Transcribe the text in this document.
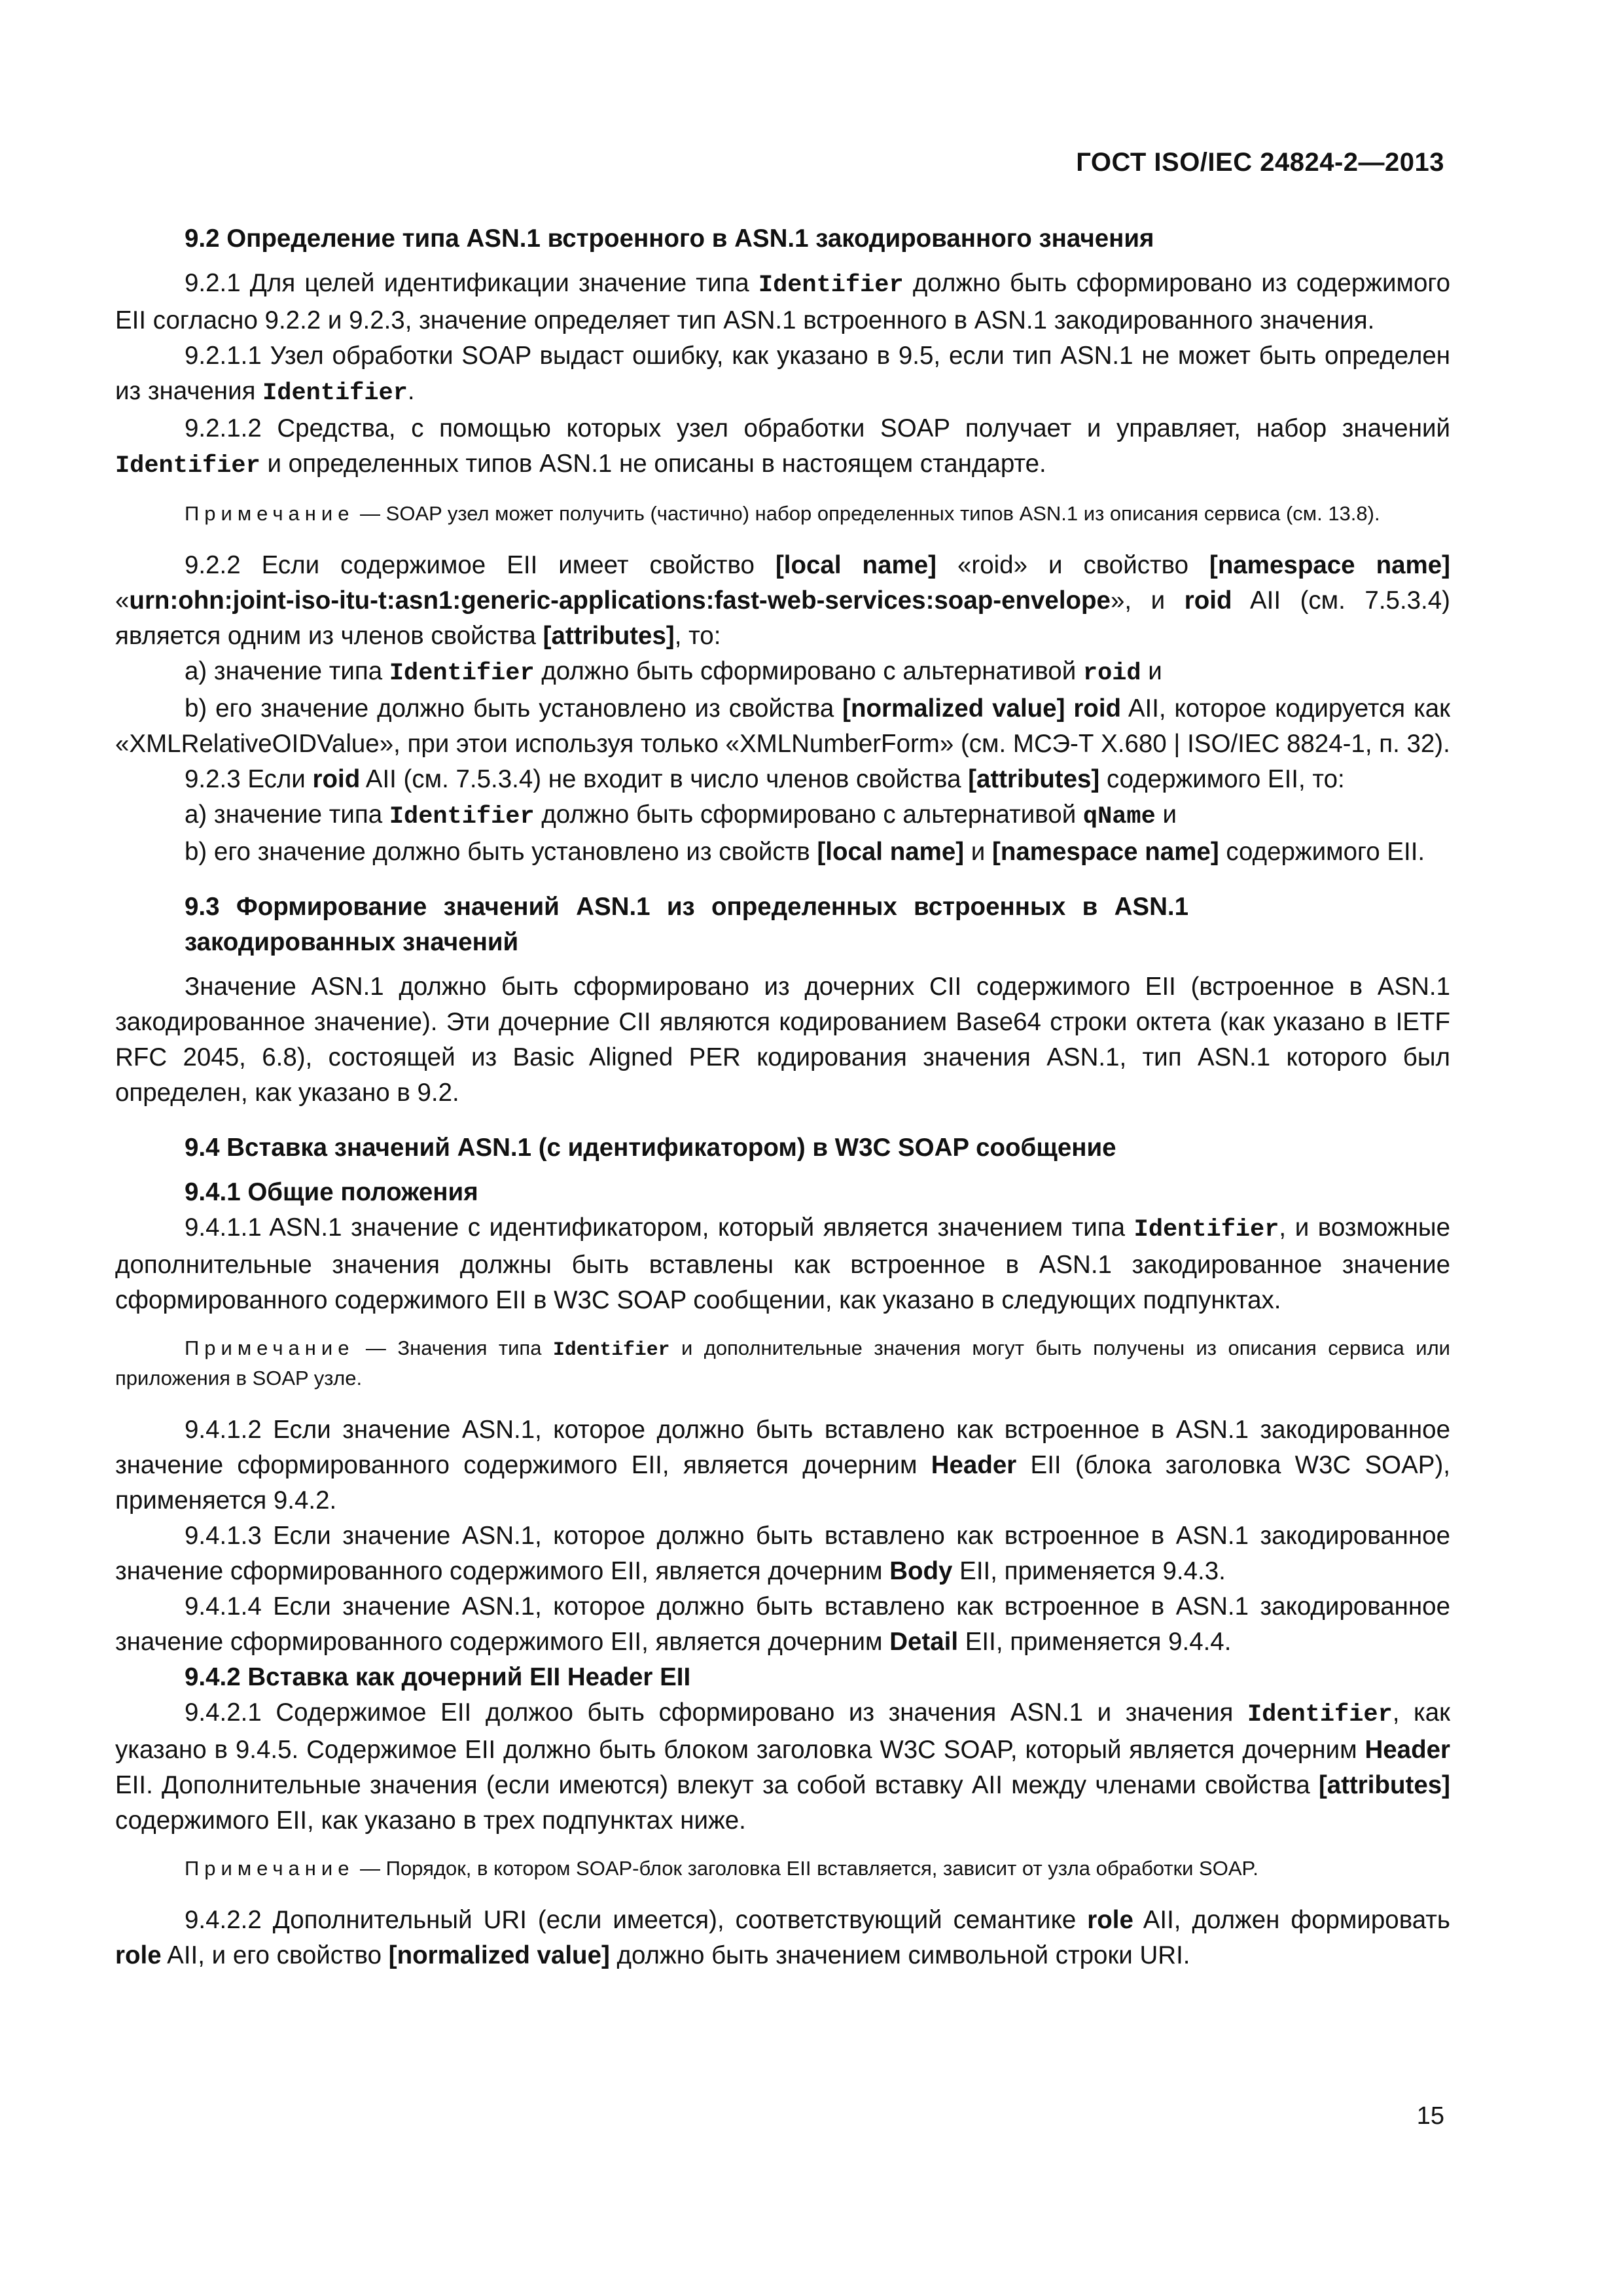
ГОСТ ISO/IEC 24824-2—2013

9.2 Определение типа ASN.1 встроенного в ASN.1 закодированного значения

9.2.1 Для целей идентификации значение типа Identifier должно быть сформировано из содержимого EII согласно 9.2.2 и 9.2.3, значение определяет тип ASN.1 встроенного в ASN.1 закодированного значения.

9.2.1.1 Узел обработки SOAP выдаст ошибку, как указано в 9.5, если тип ASN.1 не может быть определен из значения Identifier.

9.2.1.2 Средства, с помощью которых узел обработки SOAP получает и управляет, набор значений Identifier и определенных типов ASN.1 не описаны в настоящем стандарте.

Примечание — SOAP узел может получить (частично) набор определенных типов ASN.1 из описания сервиса (см. 13.8).

9.2.2 Если содержимое EII имеет свойство [local name] «roid» и свойство [namespace name] «urn:ohn:joint-iso-itu-t:asn1:generic-applications:fast-web-services:soap-envelope», и roid AII (см. 7.5.3.4) является одним из членов свойства [attributes], то:

a) значение типа Identifier должно быть сформировано с альтернативой roid и

b) его значение должно быть установлено из свойства [normalized value] roid AII, которое кодируется как «XMLRelativeOIDValue», при этои используя только «XMLNumberForm» (см. МСЭ-Т X.680 | ISO/IEC 8824-1, п. 32).

9.2.3 Если roid AII (см. 7.5.3.4) не входит в число членов свойства [attributes] содержимого EII, то:

a) значение типа Identifier должно быть сформировано с альтернативой qName и

b) его значение должно быть установлено из свойств [local name] и [namespace name] содержимого EII.

9.3 Формирование значений ASN.1 из определенных встроенных в ASN.1 закодированных значений

Значение ASN.1 должно быть сформировано из дочерних CII содержимого EII (встроенное в ASN.1 закодированное значение). Эти дочерние CII являются кодированием Base64 строки октета (как указано в IETF RFC 2045, 6.8), состоящей из Basic Aligned PER кодирования значения ASN.1, тип ASN.1 которого был определен, как указано в 9.2.

9.4 Вставка значений ASN.1 (с идентификатором) в W3C SOAP сообщение

9.4.1 Общие положения

9.4.1.1 ASN.1 значение с идентификатором, который является значением типа Identifier, и возможные дополнительные значения должны быть вставлены как встроенное в ASN.1 закодированное значение сформированного содержимого EII в W3C SOAP сообщении, как указано в следующих подпунктах.

Примечание — Значения типа Identifier и дополнительные значения могут быть получены из описания сервиса или приложения в SOAP узле.

9.4.1.2 Если значение ASN.1, которое должно быть вставлено как встроенное в ASN.1 закодированное значение сформированного содержимого EII, является дочерним Header EII (блока заголовка W3C SOAP), применяется 9.4.2.

9.4.1.3 Если значение ASN.1, которое должно быть вставлено как встроенное в ASN.1 закодированное значение сформированного содержимого EII, является дочерним Body EII, применяется 9.4.3.

9.4.1.4 Если значение ASN.1, которое должно быть вставлено как встроенное в ASN.1 закодированное значение сформированного содержимого EII, является дочерним Detail EII, применяется 9.4.4.

9.4.2 Вставка как дочерний EII Header EII

9.4.2.1 Содержимое EII должоо быть сформировано из значения ASN.1 и значения Identifier, как указано в 9.4.5. Содержимое EII должно быть блоком заголовка W3C SOAP, который является дочерним Header EII. Дополнительные значения (если имеются) влекут за собой вставку AII между членами свойства [attributes] содержимого EII, как указано в трех подпунктах ниже.

Примечание — Порядок, в котором SOAP-блок заголовка EII вставляется, зависит от узла обработки SOAP.

9.4.2.2 Дополнительный URI (если имеется), соответствующий семантике role AII, должен формировать role AII, и его свойство [normalized value] должно быть значением символьной строки URI.

15
